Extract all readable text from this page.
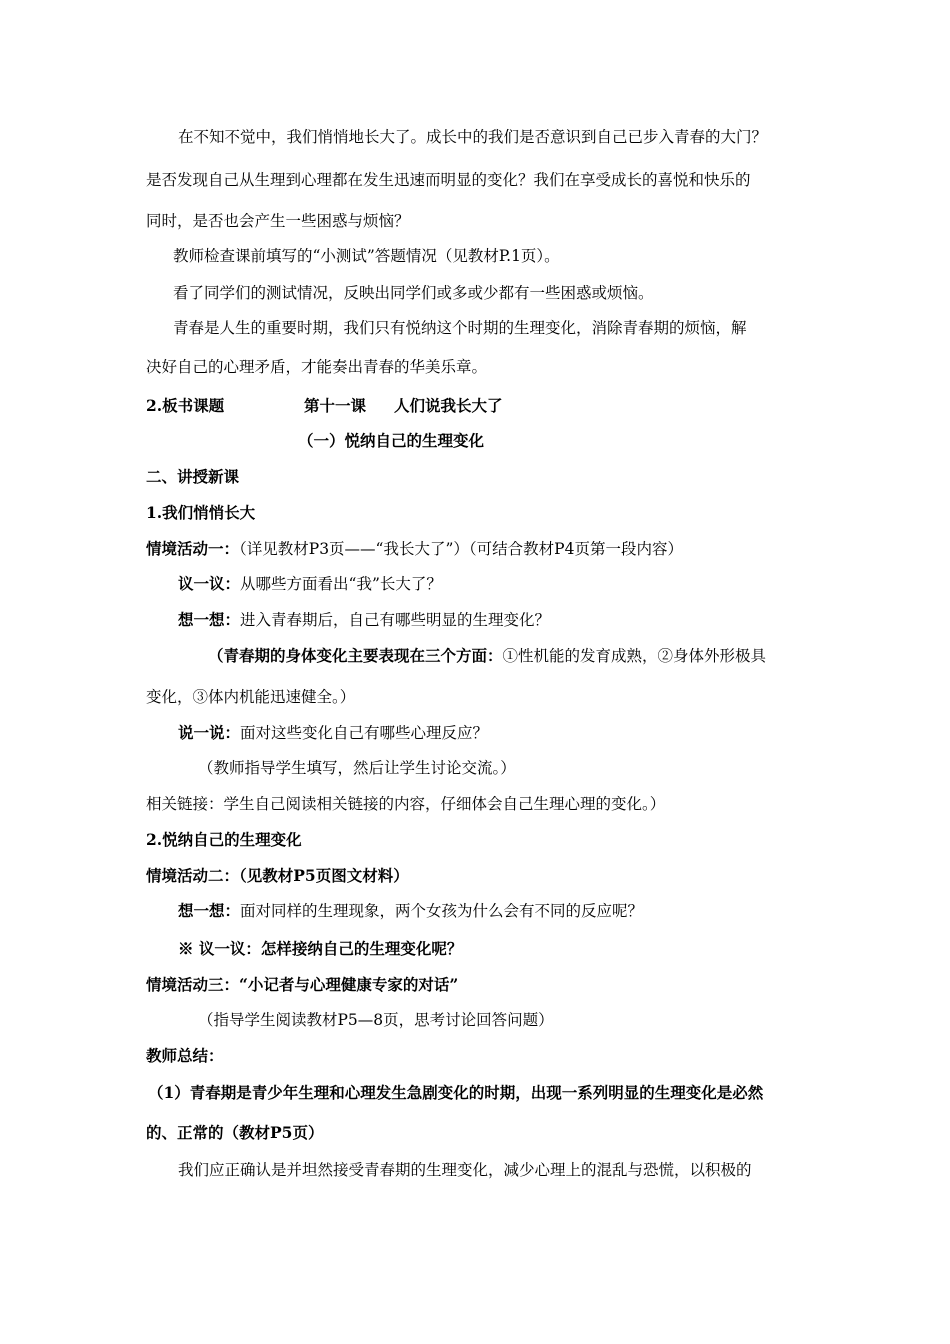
在不知不觉中，我们悄悄地长大了。成长中的我们是否意识到自己已步入青春的大门？
是否发现自己从生理到心理都在发生迅速而明显的变化？我们在享受成长的喜悦和快乐的
同时，是否也会产生一些困惑与烦恼？
教师检查课前填写的“小测试”答题情况（见教材P.1页）。
看了同学们的测试情况，反映出同学们或多或少都有一些困惑或烦恼。
青春是人生的重要时期，我们只有悦纳这个时期的生理变化，消除青春期的烦恼，解
决好自己的心理矛盾，才能奏出青春的华美乐章。
2.板书课题	第十一课 人们说我长大了
（一）悦纳自己的生理变化
二、讲授新课
1.我们悄悄长大
情境活动一：（详见教材P3页——“我长大了”）（可结合教材P4页第一段内容）
议一议：从哪些方面看出“我”长大了？
想一想：进入青春期后，自己有哪些明显的生理变化？
（青春期的身体变化主要表现在三个方面：①性机能的发育成熟，②身体外形极具
变化，③体内机能迅速健全。）
说一说：面对这些变化自己有哪些心理反应？
（教师指导学生填写，然后让学生讨论交流。）
相关链接：学生自己阅读相关链接的内容，仔细体会自己生理心理的变化。）
2.悦纳自己的生理变化
情境活动二：（见教材P5页图文材料）
想一想：面对同样的生理现象，两个女孩为什么会有不同的反应呢？
※ 议一议：怎样接纳自己的生理变化呢？
情境活动三：“小记者与心理健康专家的对话”
（指导学生阅读教材P5—8页，思考讨论回答问题）
教师总结：
（1）青春期是青少年生理和心理发生急剧变化的时期，出现一系列明显的生理变化是必然
的、正常的（教材P5页）
我们应正确认是并坦然接受青春期的生理变化，减少心理上的混乱与恐慌，以积极的
